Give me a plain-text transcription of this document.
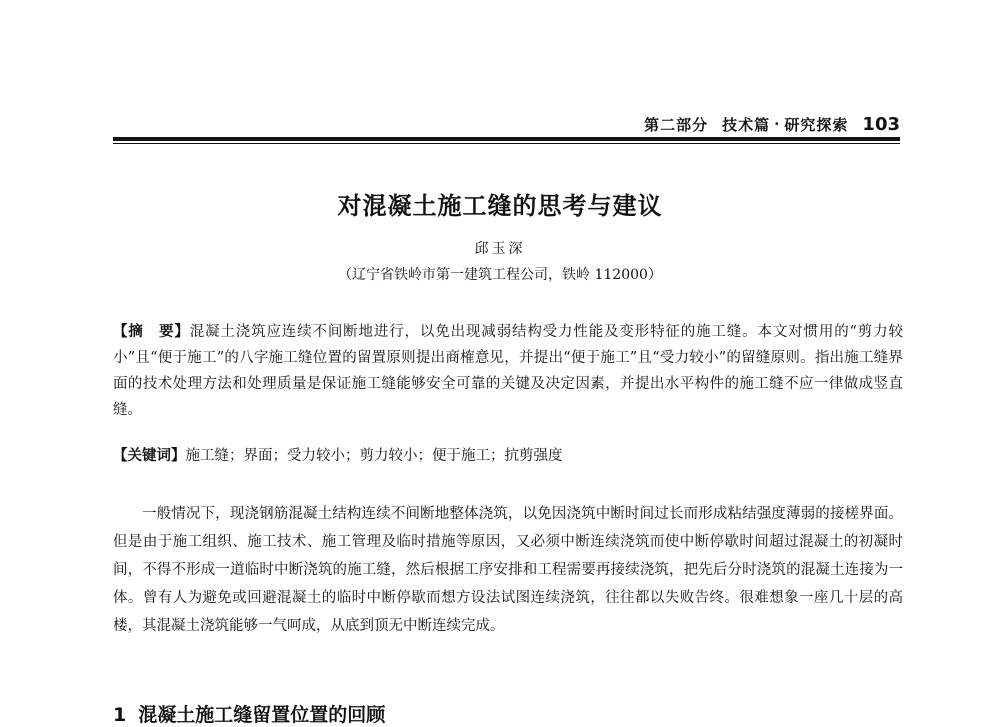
第二部分 技术篇 · 研究探索 103
对混凝土施工缝的思考与建议
邱玉深
（辽宁省铁岭市第一建筑工程公司，铁岭 112000）
【摘　要】混凝土浇筑应连续不间断地进行，以免出现减弱结构受力性能及变形特征的施工缝。本文对惯用的“剪力较小”且“便于施工”的八字施工缝位置的留置原则提出商榷意见，并提出“便于施工”且“受力较小”的留缝原则。指出施工缝界面的技术处理方法和处理质量是保证施工缝能够安全可靠的关键及决定因素，并提出水平构件的施工缝不应一律做成竖直缝。
【关键词】施工缝；界面；受力较小；剪力较小；便于施工；抗剪强度
一般情况下，现浇钢筋混凝土结构连续不间断地整体浇筑，以免因浇筑中断时间过长而形成粘结强度薄弱的接槎界面。但是由于施工组织、施工技术、施工管理及临时措施等原因，又必须中断连续浇筑而使中断停歇时间超过混凝土的初凝时间，不得不形成一道临时中断浇筑的施工缝，然后根据工序安排和工程需要再接续浇筑，把先后分时浇筑的混凝土连接为一体。曾有人为避免或回避混凝土的临时中断停歇而想方设法试图连续浇筑，往往都以失败告终。很难想象一座几十层的高楼，其混凝土浇筑能够一气呵成，从底到顶无中断连续完成。
1 混凝土施工缝留置位置的回顾
